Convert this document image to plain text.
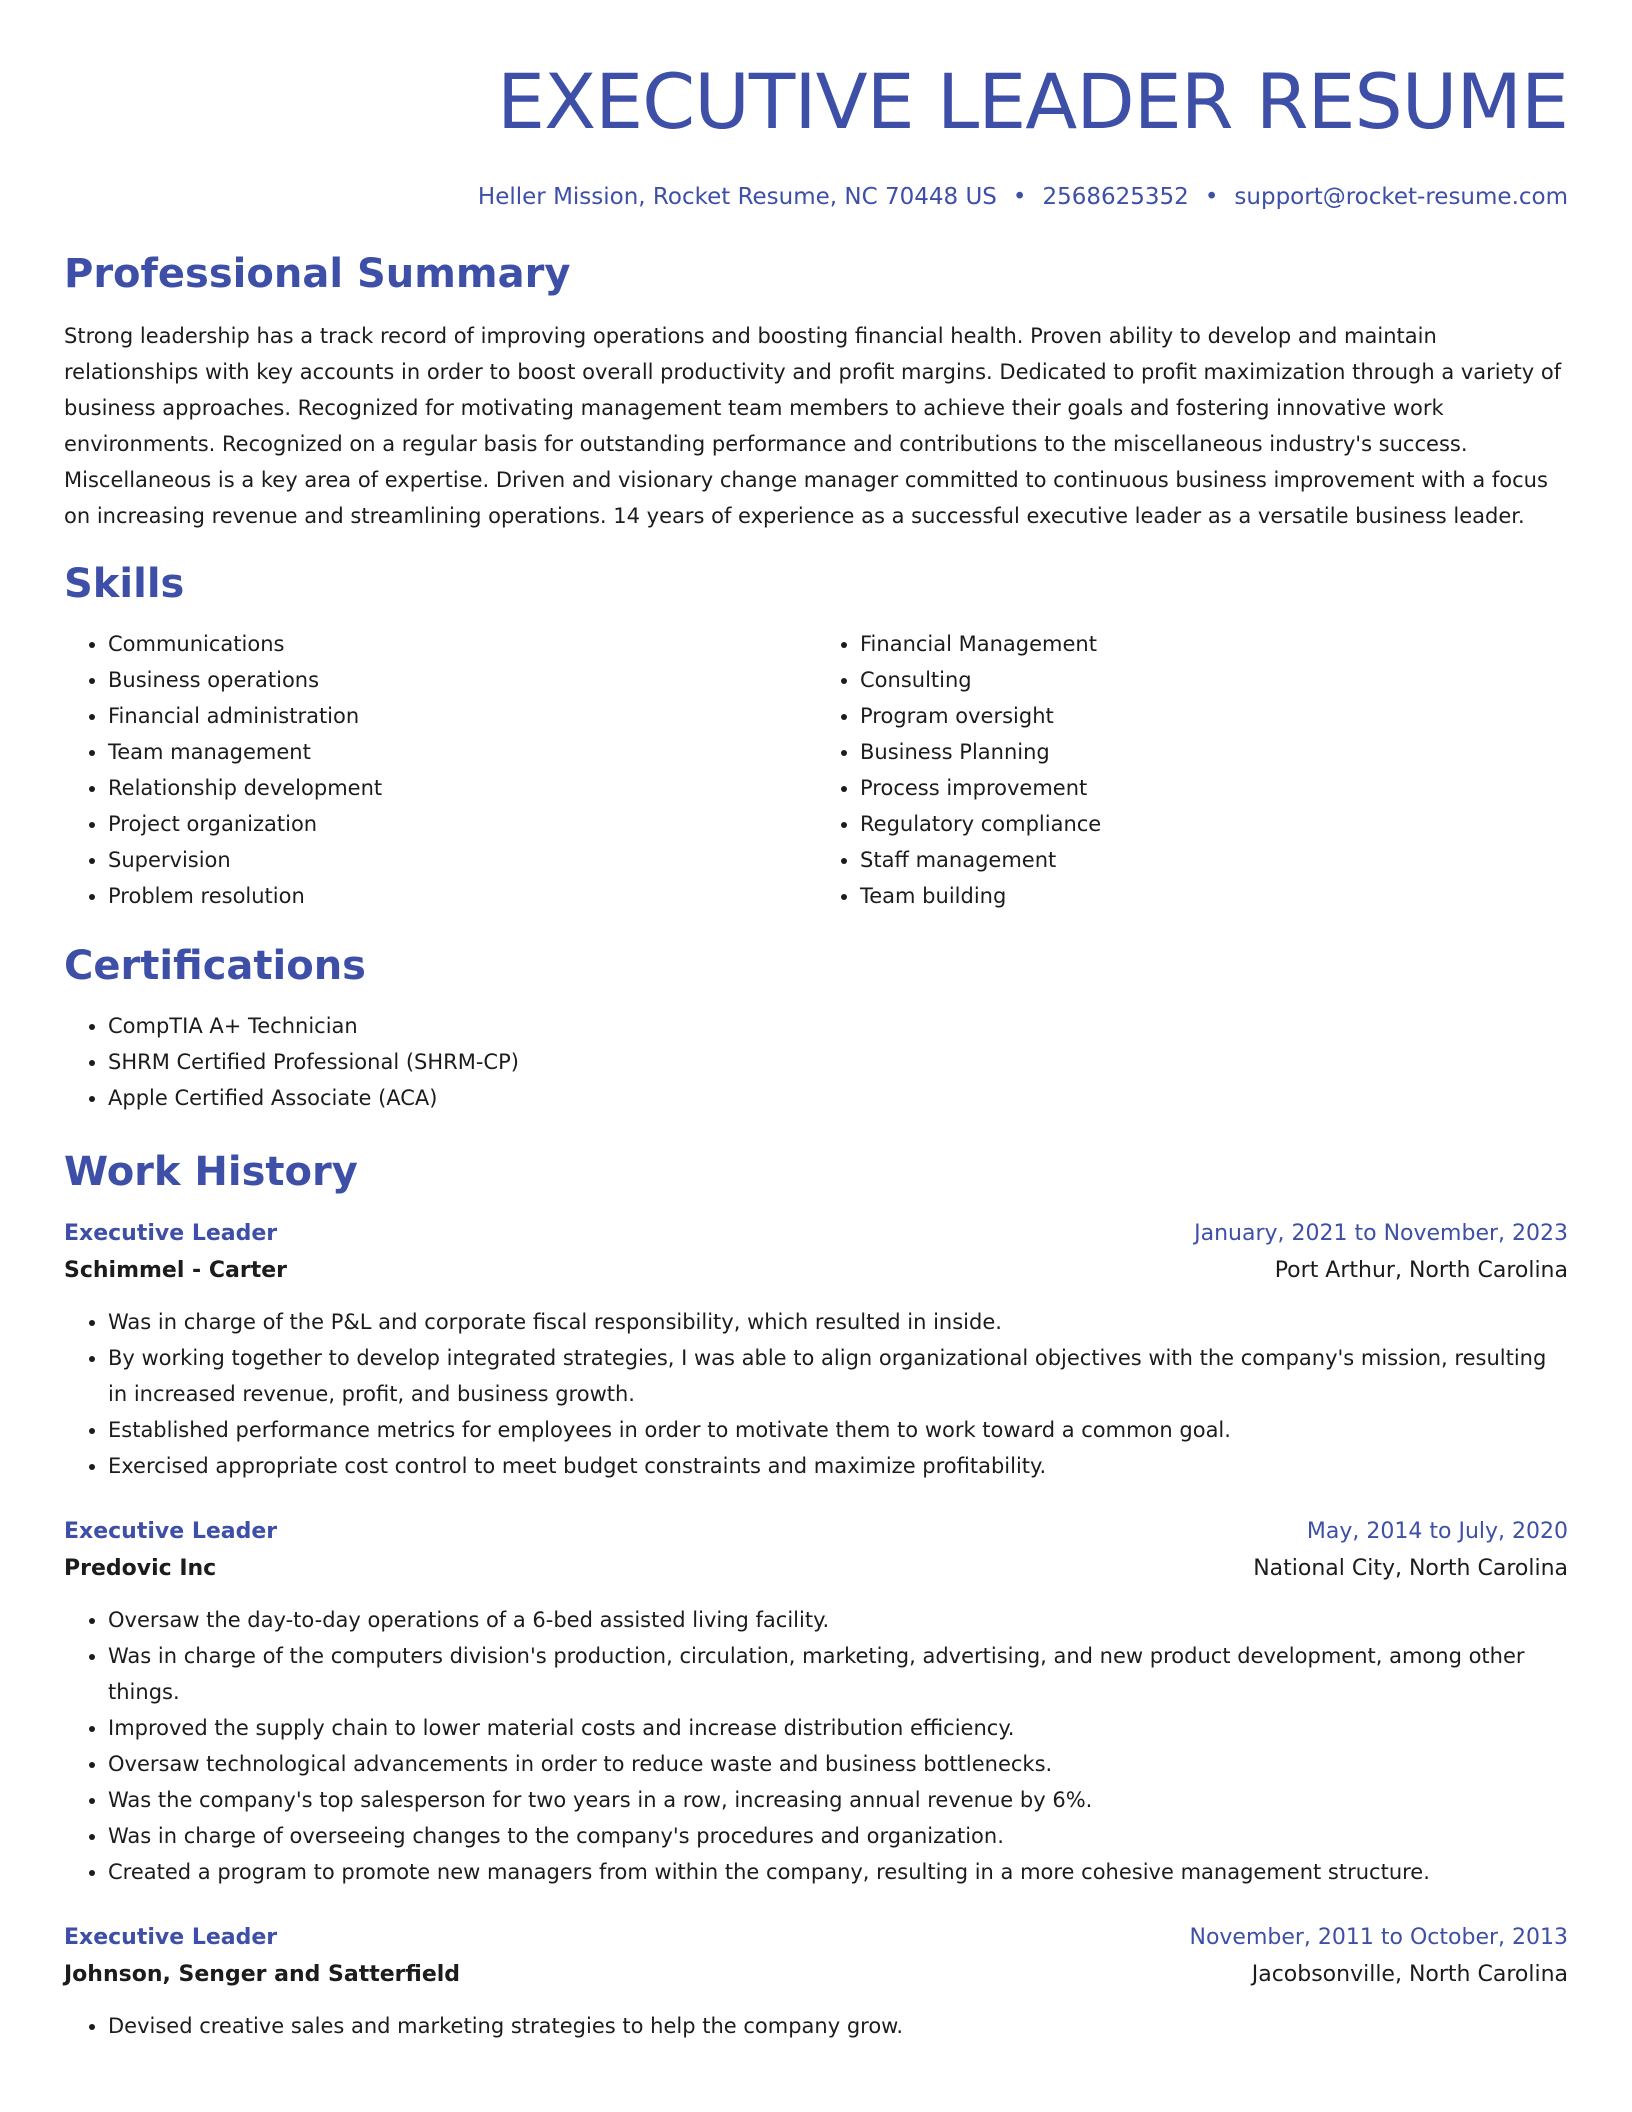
EXECUTIVE LEADER RESUME
Heller Mission, Rocket Resume, NC 70448 US • 2568625352 • support@rocket-resume.com
Professional Summary

Strong leadership has a track record of improving operations and boosting financial health. Proven ability to develop and maintain relationships with key accounts in order to boost overall productivity and profit margins. Dedicated to profit maximization through a variety of business approaches. Recognized for motivating management team members to achieve their goals and fostering innovative work environments. Recognized on a regular basis for outstanding performance and contributions to the miscellaneous industry's success. Miscellaneous is a key area of expertise. Driven and visionary change manager committed to continuous business improvement with a focus on increasing revenue and streamlining operations. 14 years of experience as a successful executive leader as a versatile business leader.

Skills
• Communications
• Business operations
• Financial administration
• Team management
• Relationship development
• Project organization
• Supervision
• Problem resolution
• Financial Management
• Consulting
• Program oversight
• Business Planning
• Process improvement
• Regulatory compliance
• Staff management
• Team building
Certifications
• CompTIA A+ Technician
• SHRM Certified Professional (SHRM-CP)
• Apple Certified Associate (ACA)
Work History
Executive Leader	January, 2021 to November, 2023
Schimmel - Carter	Port Arthur, North Carolina
• Was in charge of the P&L and corporate fiscal responsibility, which resulted in inside.
• By working together to develop integrated strategies, I was able to align organizational objectives with the company's mission, resulting in increased revenue, profit, and business growth.
• Established performance metrics for employees in order to motivate them to work toward a common goal.
• Exercised appropriate cost control to meet budget constraints and maximize profitability.
Executive Leader	May, 2014 to July, 2020
Predovic Inc	National City, North Carolina
• Oversaw the day-to-day operations of a 6-bed assisted living facility.
• Was in charge of the computers division's production, circulation, marketing, advertising, and new product development, among other things.
• Improved the supply chain to lower material costs and increase distribution efficiency.
• Oversaw technological advancements in order to reduce waste and business bottlenecks.
• Was the company's top salesperson for two years in a row, increasing annual revenue by 6%.
• Was in charge of overseeing changes to the company's procedures and organization.
• Created a program to promote new managers from within the company, resulting in a more cohesive management structure.
Executive Leader	November, 2011 to October, 2013
Johnson, Senger and Satterfield	Jacobsonville, North Carolina
• Devised creative sales and marketing strategies to help the company grow.
